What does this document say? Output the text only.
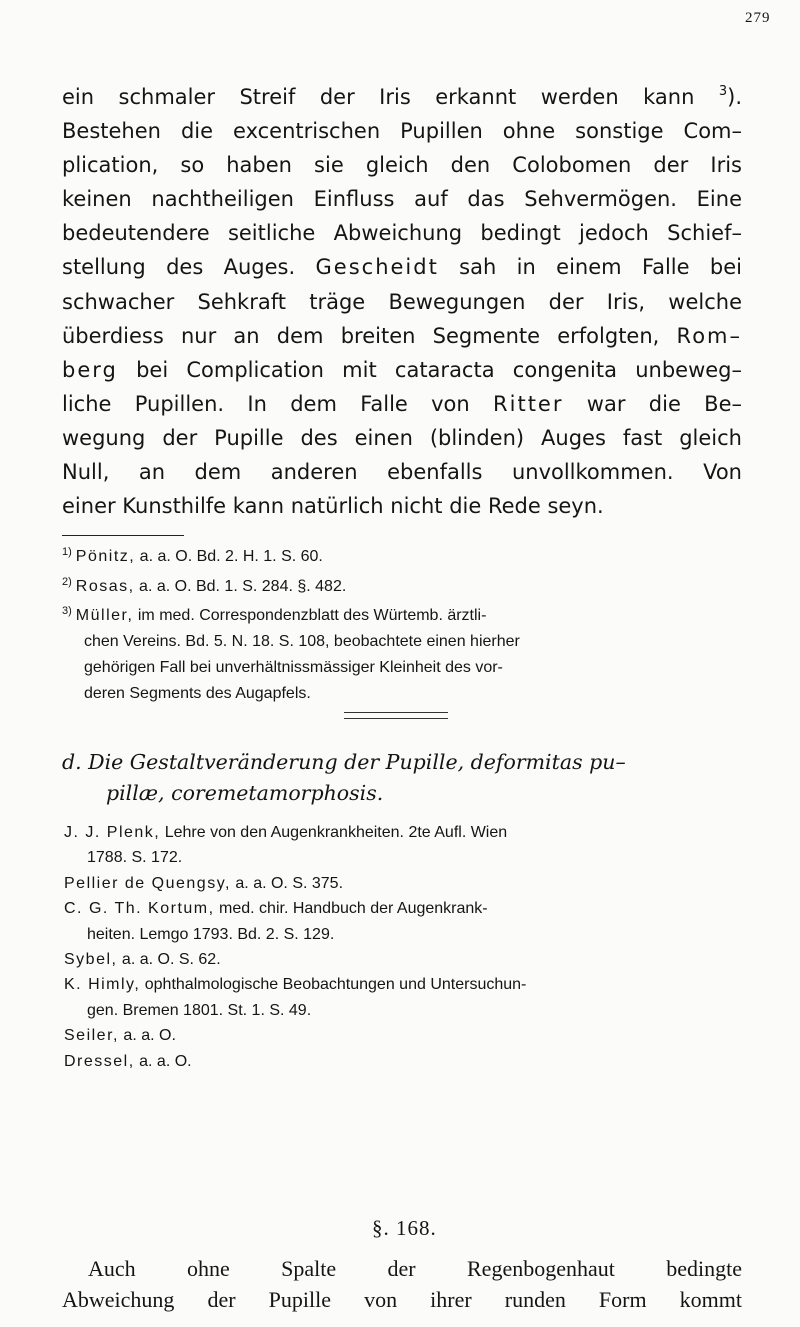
279
ein schmaler Streif der Iris erkannt werden kann $^3$).
Bestehen die excentrischen Pupillen ohne sonstige Com–
plication, so haben sie gleich den Colobomen der Iris
keinen nachtheiligen Einfluss auf das Sehvermögen. Eine
bedeutendere seitliche Abweichung bedingt jedoch Schief–
stellung des Auges. Gescheidt sah in einem Falle bei
schwacher Sehkraft träge Bewegungen der Iris, welche
überdiess nur an dem breiten Segmente erfolgten, Rom–
berg bei Complication mit cataracta congenita unbeweg–
liche Pupillen. In dem Falle von Ritter war die Be–
wegung der Pupille des einen (blinden) Auges fast gleich
Null, an dem anderen ebenfalls unvollkommen. Von
einer Kunsthilfe kann natürlich nicht die Rede seyn.
$^{1)}$ Pönitz, a. a. O. Bd. 2. H. 1. S. 60.
$^{2)}$ Rosas, a. a. O. Bd. 1. S. 284. §. 482.
$^{3)}$ Müller, im med. Correspondenzblatt des Würtemb. ärztli-
chen Vereins. Bd. 5. N. 18. S. 108, beobachtete einen hierher
gehörigen Fall bei unverhältnissmässiger Kleinheit des vor-
deren Segments des Augapfels.
d. Die Gestaltveränderung der Pupille, deformitas pu–
pillæ, coremetamorphosis.
J. J. Plenk, Lehre von den Augenkrankheiten. 2te Aufl. Wien
1788. S. 172.
Pellier de Quengsy, a. a. O. S. 375.
C. G. Th. Kortum, med. chir. Handbuch der Augenkrank-
heiten. Lemgo 1793. Bd. 2. S. 129.
Sybel, a. a. O. S. 62.
K. Himly, ophthalmologische Beobachtungen und Untersuchun-
gen. Bremen 1801. St. 1. S. 49.
Seiler, a. a. O.
Dressel, a. a. O.
§. 168.
Auch ohne Spalte der Regenbogenhaut bedingte
Abweichung der Pupille von ihrer runden Form kommt
